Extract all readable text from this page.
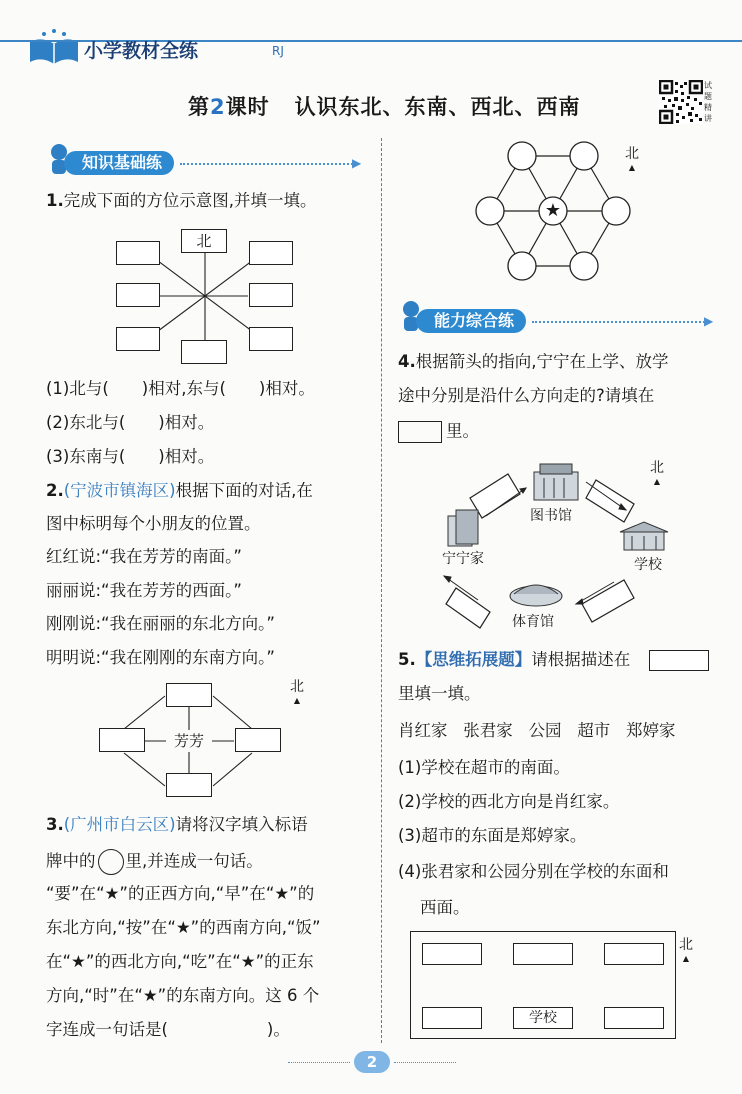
小学教材全练	RJ
第2课时 认识东北、东南、西北、西南
试
题
精
讲
知识基础练	▶
1.完成下面的方位示意图,并填一填。
北
(1)北与(　　)相对,东与(　　)相对。
(2)东北与(　　)相对。
(3)东南与(　　)相对。
2.(宁波市镇海区)根据下面的对话,在
图中标明每个小朋友的位置。
红红说:“我在芳芳的南面。”
丽丽说:“我在芳芳的西面。”
刚刚说:“我在丽丽的东北方向。”
明明说:“我在刚刚的东南方向。”
芳芳
北
▲
3.(广州市白云区)请将汉字填入标语
牌中的 里,并连成一句话。
“要”在“★”的正西方向,“早”在“★”的
东北方向,“按”在“★”的西南方向,“饭”
在“★”的西北方向,“吃”在“★”的正东
方向,“时”在“★”的东南方向。这 6 个
字连成一句话是(　　　　　　)。
★
北
▲
能力综合练	▶
4.根据箭头的指向,宁宁在上学、放学
途中分别是沿什么方向走的?请填在
里。
图书馆
宁宁家	学校
体育馆
北
▲
5.【思维拓展题】请根据描述在
里填一填。
肖红家 张君家 公园 超市 郑婷家
(1)学校在超市的南面。
(2)学校的西北方向是肖红家。
(3)超市的东面是郑婷家。
(4)张君家和公园分别在学校的东面和
西面。
学校
北
▲
2
